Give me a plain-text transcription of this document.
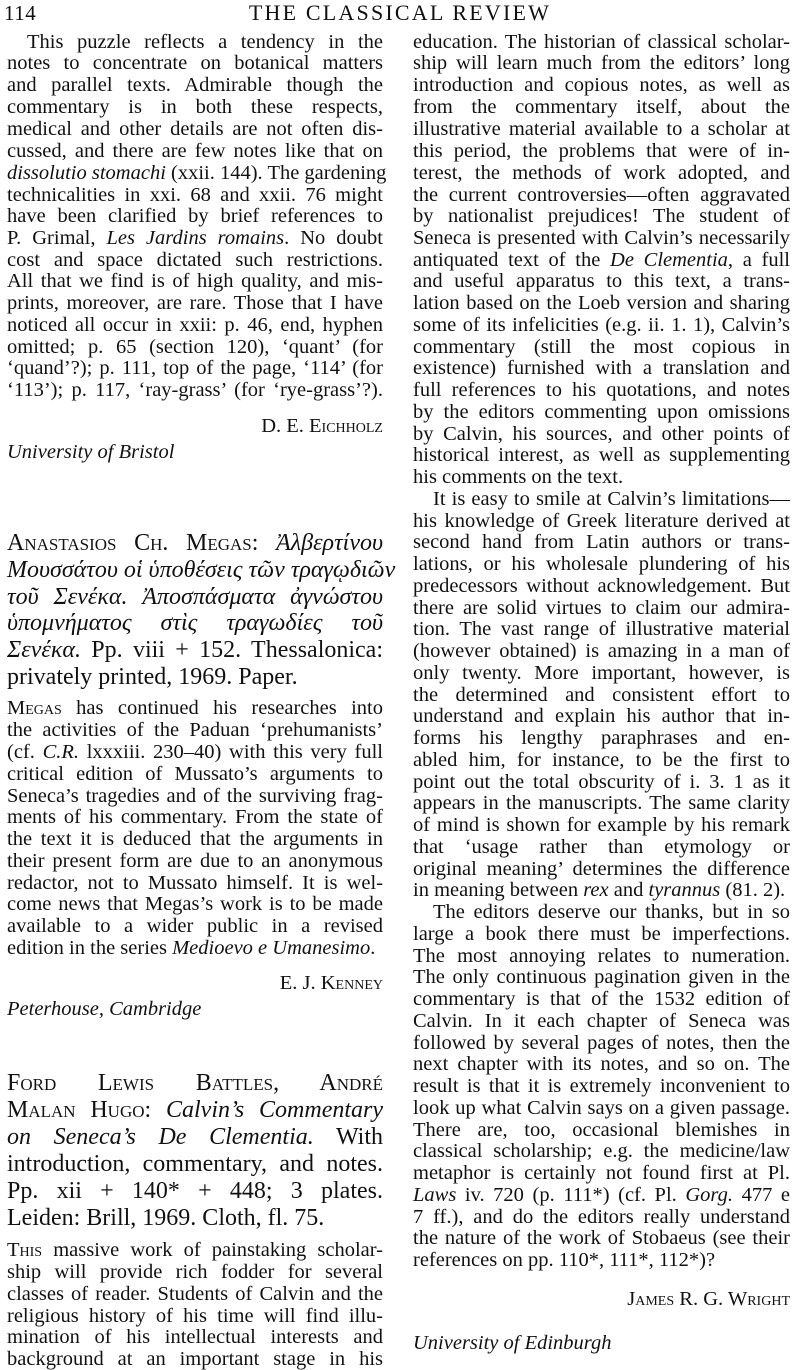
114	THE CLASSICAL REVIEW
This puzzle reflects a tendency in the
notes to concentrate on botanical matters
and parallel texts. Admirable though the
commentary is in both these respects,
medical and other details are not often dis-
cussed, and there are few notes like that on
dissolutio stomachi (xxii. 144). The gardening
technicalities in xxi. 68 and xxii. 76 might
have been clarified by brief references to
P. Grimal, Les Jardins romains. No doubt
cost and space dictated such restrictions.
All that we find is of high quality, and mis-
prints, moreover, are rare. Those that I have
noticed all occur in xxii: p. 46, end, hyphen
omitted; p. 65 (section 120), ‘quant’ (for
‘quand’?); p. 111, top of the page, ‘114’ (for
‘113’); p. 117, ‘ray-grass’ (for ‘rye-grass’?).
D. E. Eichholz
University of Bristol
Anastasios Ch. Megas: Ἀλβερτίνου
Μουσσάτου οἱ ὑποθέσεις τῶν τραγῳδιῶν
τοῦ Σενέκα. Ἀποσπάσματα ἀγνώστου
ὑπομνήματος στὶς τραγωδίες τοῦ
Σενέκα. Pp. viii + 152. Thessalonica:
privately printed, 1969. Paper.
Megas has continued his researches into
the activities of the Paduan ‘prehumanists’
(cf. C.R. lxxxiii. 230–40) with this very full
critical edition of Mussato’s arguments to
Seneca’s tragedies and of the surviving frag-
ments of his commentary. From the state of
the text it is deduced that the arguments in
their present form are due to an anonymous
redactor, not to Mussato himself. It is wel-
come news that Megas’s work is to be made
available to a wider public in a revised
edition in the series Medioevo e Umanesimo.
E. J. Kenney
Peterhouse, Cambridge
Ford Lewis Battles, André
Malan Hugo: Calvin’s Commentary
on Seneca’s De Clementia. With
introduction, commentary, and notes.
Pp. xii + 140* + 448; 3 plates.
Leiden: Brill, 1969. Cloth, fl. 75.
This massive work of painstaking scholar-
ship will provide rich fodder for several
classes of reader. Students of Calvin and the
religious history of his time will find illu-
mination of his intellectual interests and
background at an important stage in his
education. The historian of classical scholar-
ship will learn much from the editors’ long
introduction and copious notes, as well as
from the commentary itself, about the
illustrative material available to a scholar at
this period, the problems that were of in-
terest, the methods of work adopted, and
the current controversies—often aggravated
by nationalist prejudices! The student of
Seneca is presented with Calvin’s necessarily
antiquated text of the De Clementia, a full
and useful apparatus to this text, a trans-
lation based on the Loeb version and sharing
some of its infelicities (e.g. ii. 1. 1), Calvin’s
commentary (still the most copious in
existence) furnished with a translation and
full references to his quotations, and notes
by the editors commenting upon omissions
by Calvin, his sources, and other points of
historical interest, as well as supplementing
his comments on the text.
It is easy to smile at Calvin’s limitations—
his knowledge of Greek literature derived at
second hand from Latin authors or trans-
lations, or his wholesale plundering of his
predecessors without acknowledgement. But
there are solid virtues to claim our admira-
tion. The vast range of illustrative material
(however obtained) is amazing in a man of
only twenty. More important, however, is
the determined and consistent effort to
understand and explain his author that in-
forms his lengthy paraphrases and en-
abled him, for instance, to be the first to
point out the total obscurity of i. 3. 1 as it
appears in the manuscripts. The same clarity
of mind is shown for example by his remark
that ‘usage rather than etymology or
original meaning’ determines the difference
in meaning between rex and tyrannus (81. 2).
The editors deserve our thanks, but in so
large a book there must be imperfections.
The most annoying relates to numeration.
The only continuous pagination given in the
commentary is that of the 1532 edition of
Calvin. In it each chapter of Seneca was
followed by several pages of notes, then the
next chapter with its notes, and so on. The
result is that it is extremely inconvenient to
look up what Calvin says on a given passage.
There are, too, occasional blemishes in
classical scholarship; e.g. the medicine/law
metaphor is certainly not found first at Pl.
Laws iv. 720 (p. 111*) (cf. Pl. Gorg. 477 e
7 ff.), and do the editors really understand
the nature of the work of Stobaeus (see their
references on pp. 110*, 111*, 112*)?
James R. G. Wright
University of Edinburgh
